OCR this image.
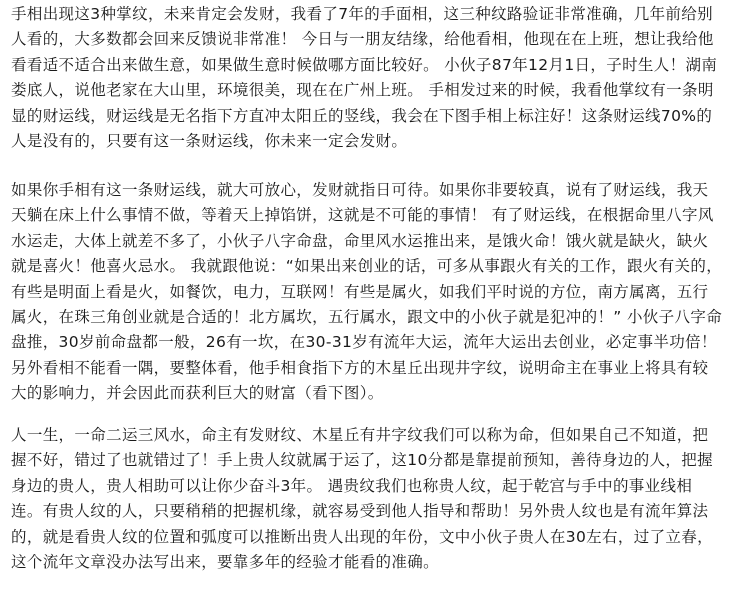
手相出现这3种掌纹，未来肯定会发财，我看了7年的手面相，这三种纹路验证非常准确，几年前给别人看的，大多数都会回来反馈说非常准！ 今日与一朋友结缘，给他看相，他现在在上班，想让我给他看看适不适合出来做生意，如果做生意时候做哪方面比较好。 小伙子87年12月1日，子时生人！湖南娄底人，说他老家在大山里，环境很美，现在在广州上班。 手相发过来的时候，我看他掌纹有一条明显的财运线，财运线是无名指下方直冲太阳丘的竖线，我会在下图手相上标注好！这条财运线70%的人是没有的，只要有这一条财运线，你未来一定会发财。

如果你手相有这一条财运线，就大可放心，发财就指日可待。如果你非要较真，说有了财运线，我天天躺在床上什么事情不做，等着天上掉馅饼，这就是不可能的事情！ 有了财运线，在根据命里八字风水运走，大体上就差不多了，小伙子八字命盘，命里风水运推出来，是饿火命！饿火就是缺火，缺火就是喜火！他喜火忌水。 我就跟他说：“如果出来创业的话，可多从事跟火有关的工作，跟火有关的，有些是明面上看是火，如餐饮，电力，互联网！有些是属火，如我们平时说的方位，南方属离，五行属火，在珠三角创业就是合适的！北方属坎，五行属水，跟文中的小伙子就是犯冲的！” 小伙子八字命盘推，30岁前命盘都一般，26有一坎，在30-31岁有流年大运，流年大运出去创业，必定事半功倍！另外看相不能看一隅，要整体看，他手相食指下方的木星丘出现井字纹，说明命主在事业上将具有较大的影响力，并会因此而获利巨大的财富（看下图）。

人一生，一命二运三风水，命主有发财纹、木星丘有井字纹我们可以称为命，但如果自己不知道，把握不好，错过了也就错过了！手上贵人纹就属于运了，这10分都是靠提前预知，善待身边的人，把握身边的贵人，贵人相助可以让你少奋斗3年。 遇贵纹我们也称贵人纹，起于乾宫与手中的事业线相连。有贵人纹的人，只要稍稍的把握机缘，就容易受到他人指导和帮助！另外贵人纹也是有流年算法的，就是看贵人纹的位置和弧度可以推断出贵人出现的年份，文中小伙子贵人在30左右，过了立春，这个流年文章没办法写出来，要靠多年的经验才能看的准确。
